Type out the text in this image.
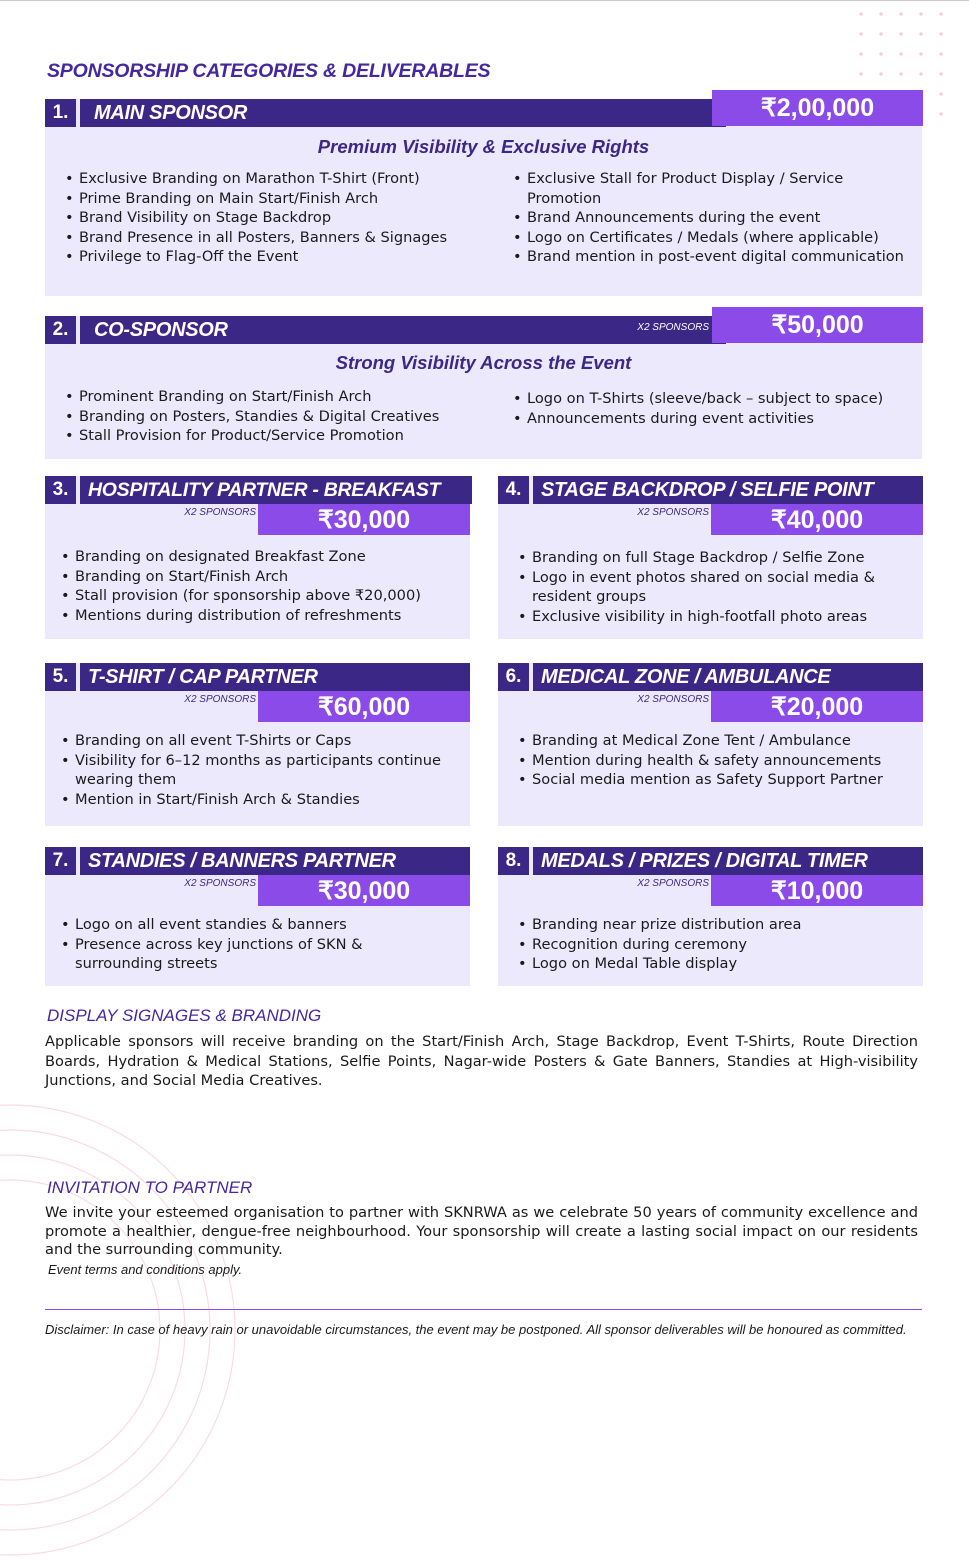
SPONSORSHIP CATEGORIES & DELIVERABLES
1.	MAIN SPONSOR	₹2,00,000
Premium Visibility & Exclusive Rights
• Exclusive Branding on Marathon T-Shirt (Front)
• Prime Branding on Main Start/Finish Arch
• Brand Visibility on Stage Backdrop
• Brand Presence in all Posters, Banners & Signages
• Privilege to Flag-Off the Event
• Exclusive Stall for Product Display / Service Promotion
• Brand Announcements during the event
• Logo on Certificates / Medals (where applicable)
• Brand mention in post-event digital communication
2.	CO-SPONSOR	X2 SPONSORS	₹50,000
Strong Visibility Across the Event
• Prominent Branding on Start/Finish Arch
• Branding on Posters, Standies & Digital Creatives
• Stall Provision for Product/Service Promotion
• Logo on T-Shirts (sleeve/back – subject to space)
• Announcements during event activities
3.	HOSPITALITY PARTNER - BREAKFAST
X2 SPONSORS	₹30,000
• Branding on designated Breakfast Zone
• Branding on Start/Finish Arch
• Stall provision (for sponsorship above ₹20,000)
• Mentions during distribution of refreshments
4. STAGE BACKDROP / SELFIE POINT
X2 SPONSORS	₹40,000
• Branding on full Stage Backdrop / Selfie Zone
• Logo in event photos shared on social media & resident groups
• Exclusive visibility in high-footfall photo areas
5. T-SHIRT / CAP PARTNER
X2 SPONSORS	₹60,000
• Branding on all event T-Shirts or Caps
• Visibility for 6–12 months as participants continue wearing them
• Mention in Start/Finish Arch & Standies
6. MEDICAL ZONE / AMBULANCE
X2 SPONSORS	₹20,000
• Branding at Medical Zone Tent / Ambulance
• Mention during health & safety announcements
• Social media mention as Safety Support Partner
7. STANDIES / BANNERS PARTNER
X2 SPONSORS	₹30,000
• Logo on all event standies & banners
• Presence across key junctions of SKN & surrounding streets
8. MEDALS / PRIZES / DIGITAL TIMER
X2 SPONSORS	₹10,000
• Branding near prize distribution area
• Recognition during ceremony
• Logo on Medal Table display
DISPLAY SIGNAGES & BRANDING
Applicable sponsors will receive branding on the Start/Finish Arch, Stage Backdrop, Event T-Shirts, Route Direction Boards, Hydration & Medical Stations, Selfie Points, Nagar-wide Posters & Gate Banners, Standies at High-visibility Junctions, and Social Media Creatives.
INVITATION TO PARTNER
We invite your esteemed organisation to partner with SKNRWA as we celebrate 50 years of community excellence and promote a healthier, dengue-free neighbourhood. Your sponsorship will create a lasting social impact on our residents and the surrounding community.
Event terms and conditions apply.
Disclaimer: In case of heavy rain or unavoidable circumstances, the event may be postponed. All sponsor deliverables will be honoured as committed.
